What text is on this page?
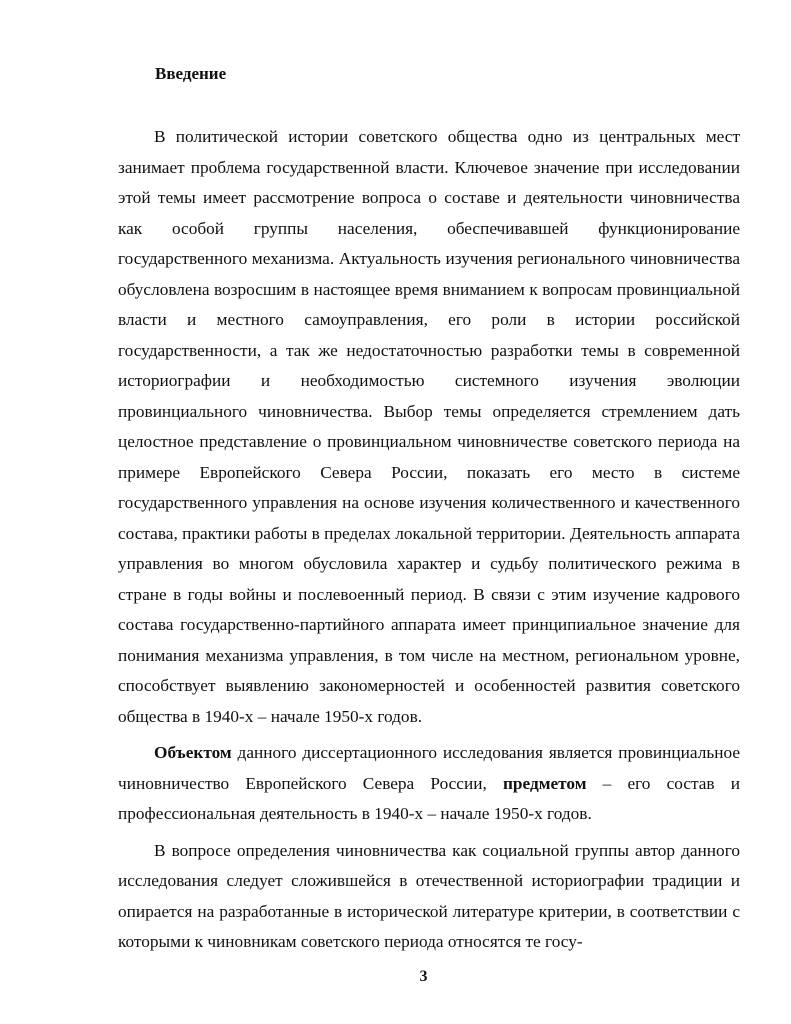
Введение

В политической истории советского общества одно из центральных мест занимает проблема государственной власти. Ключевое значение при исследовании этой темы имеет рассмотрение вопроса о составе и деятельности чиновничества как особой группы населения, обеспечивавшей функционирование государственного механизма. Актуальность изучения регионального чиновничества обусловлена возросшим в настоящее время вниманием к вопросам провинциальной власти и местного самоуправления, его роли в истории российской государственности, а так же недостаточностью разработки темы в современной историографии и необходимостью системного изучения эволюции провинциального чиновничества. Выбор темы определяется стремлением дать целостное представление о провинциальном чиновничестве советского периода на примере Европейского Севера России, показать его место в системе государственного управления на основе изучения количественного и качественного состава, практики работы в пределах локальной территории. Деятельность аппарата управления во многом обусловила характер и судьбу политического режима в стране в годы войны и послевоенный период. В связи с этим изучение кадрового состава государственно-партийного аппарата имеет принципиальное значение для понимания механизма управления, в том числе на местном, региональном уровне, способствует выявлению закономерностей и особенностей развития советского общества в 1940-х – начале 1950-х годов.

Объектом данного диссертационного исследования является провинциальное чиновничество Европейского Севера России, предметом – его состав и профессиональная деятельность в 1940-х – начале 1950-х годов.

В вопросе определения чиновничества как социальной группы автор данного исследования следует сложившейся в отечественной историографии традиции и опирается на разработанные в исторической литературе критерии, в соответствии с которыми к чиновникам советского периода относятся те госу-

3
